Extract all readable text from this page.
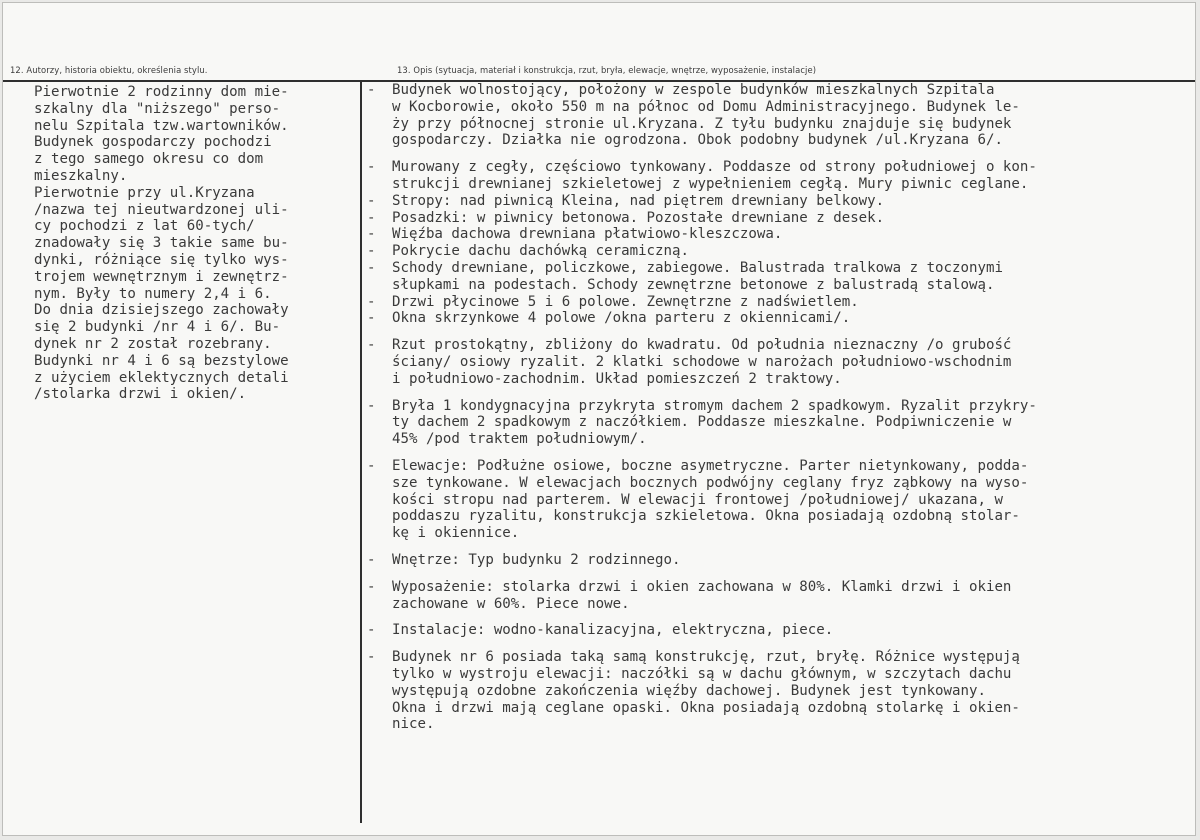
12. Autorzy, historia obiektu, określenia stylu.	13. Opis (sytuacja, materiał i konstrukcja, rzut, bryła, elewacje, wnętrze, wyposażenie, instalacje)
Pierwotnie 2 rodzinny dom mie-
szkalny dla "niższego" perso-
nelu Szpitala tzw.wartowników.
Budynek gospodarczy pochodzi
z tego samego okresu co dom
mieszkalny.
Pierwotnie przy ul.Kryzana
/nazwa tej nieutwardzonej uli-
cy pochodzi z lat 60-tych/
znadowały się 3 takie same bu-
dynki, różniące się tylko wys-
trojem wewnętrznym i zewnętrz-
nym. Były to numery 2,4 i 6.
Do dnia dzisiejszego zachowały
się 2 budynki /nr 4 i 6/. Bu-
dynek nr 2 został rozebrany.
Budynki nr 4 i 6 są bezstylowe
z użyciem eklektycznych detali
/stolarka drzwi i okien/.
- Budynek wolnostojący, położony w zespole budynków mieszkalnych Szpitala
w Kocborowie, około 550 m na północ od Domu Administracyjnego. Budynek le-
ży przy północnej stronie ul.Kryzana. Z tyłu budynku znajduje się budynek
gospodarczy. Działka nie ogrodzona. Obok podobny budynek /ul.Kryzana 6/.
- Murowany z cegły, częściowo tynkowany. Poddasze od strony południowej o kon-
strukcji drewnianej szkieletowej z wypełnieniem cegłą. Mury piwnic ceglane.
- Stropy: nad piwnicą Kleina, nad piętrem drewniany belkowy.
- Posadzki: w piwnicy betonowa. Pozostałe drewniane z desek.
- Więźba dachowa drewniana płatwiowo-kleszczowa.
- Pokrycie dachu dachówką ceramiczną.
- Schody drewniane, policzkowe, zabiegowe. Balustrada tralkowa z toczonymi
słupkami na podestach. Schody zewnętrzne betonowe z balustradą stalową.
- Drzwi płycinowe 5 i 6 polowe. Zewnętrzne z nadświetlem.
- Okna skrzynkowe 4 polowe /okna parteru z okiennicami/.
- Rzut prostokątny, zbliżony do kwadratu. Od południa nieznaczny /o grubość
ściany/ osiowy ryzalit. 2 klatki schodowe w narożach południowo-wschodnim
i południowo-zachodnim. Układ pomieszczeń 2 traktowy.
- Bryła 1 kondygnacyjna przykryta stromym dachem 2 spadkowym. Ryzalit przykry-
ty dachem 2 spadkowym z naczółkiem. Poddasze mieszkalne. Podpiwniczenie w
45% /pod traktem południowym/.
- Elewacje: Podłużne osiowe, boczne asymetryczne. Parter nietynkowany, podda-
sze tynkowane. W elewacjach bocznych podwójny ceglany fryz ząbkowy na wyso-
kości stropu nad parterem. W elewacji frontowej /południowej/ ukazana, w
poddaszu ryzalitu, konstrukcja szkieletowa. Okna posiadają ozdobną stolar-
kę i okiennice.
- Wnętrze: Typ budynku 2 rodzinnego.
- Wyposażenie: stolarka drzwi i okien zachowana w 80%. Klamki drzwi i okien
zachowane w 60%. Piece nowe.
- Instalacje: wodno-kanalizacyjna, elektryczna, piece.
- Budynek nr 6 posiada taką samą konstrukcję, rzut, bryłę. Różnice występują
tylko w wystroju elewacji: naczółki są w dachu głównym, w szczytach dachu
występują ozdobne zakończenia więźby dachowej. Budynek jest tynkowany.
Okna i drzwi mają ceglane opaski. Okna posiadają ozdobną stolarkę i okien-
nice.
